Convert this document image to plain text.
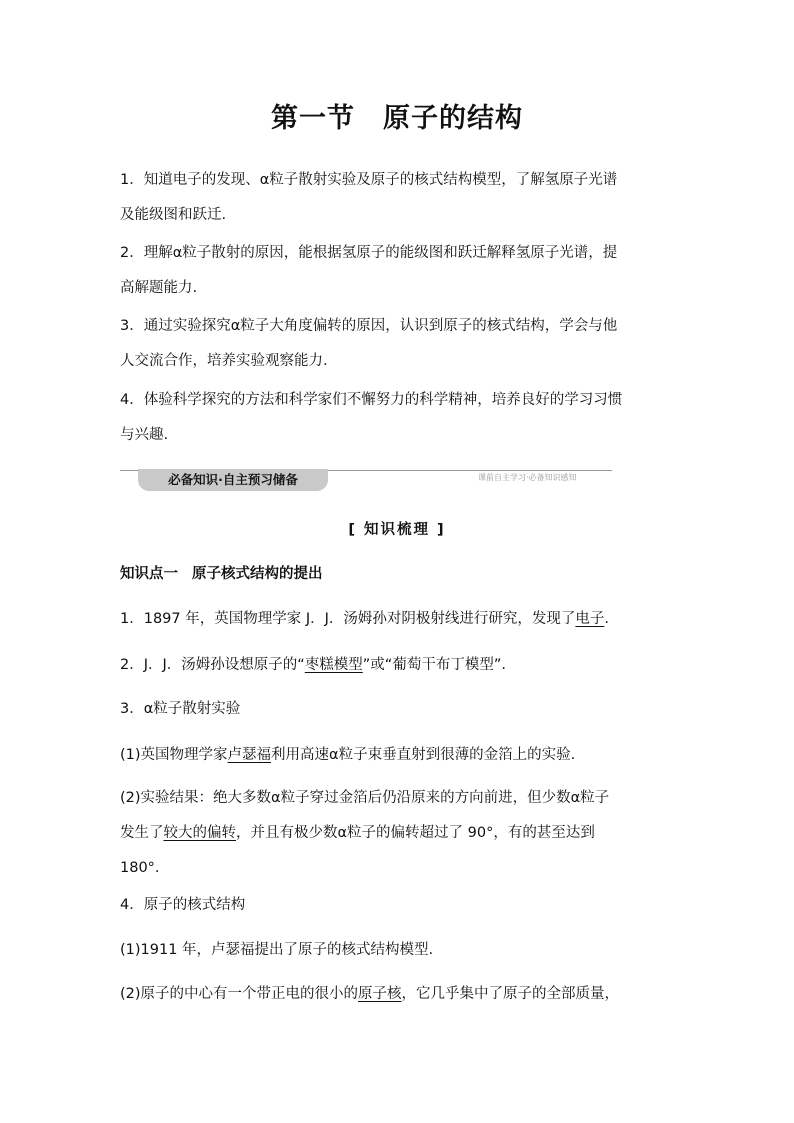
第一节 原子的结构

1．知道电子的发现、α粒子散射实验及原子的核式结构模型，了解氢原子光谱
及能级图和跃迁.

2．理解α粒子散射的原因，能根据氢原子的能级图和跃迁解释氢原子光谱，提
高解题能力.

3．通过实验探究α粒子大角度偏转的原因，认识到原子的核式结构，学会与他
人交流合作，培养实验观察能力.

4．体验科学探究的方法和科学家们不懈努力的科学精神，培养良好的学习习惯
与兴趣.

必备知识·自主预习储备	课前自主学习·必备知识感知
[ 知识梳理 ]

知识点一 原子核式结构的提出

1．1897 年，英国物理学家 J．J．汤姆孙对阴极射线进行研究，发现了电子.

2．J．J．汤姆孙设想原子的“枣糕模型”或“葡萄干布丁模型”.

3．α粒子散射实验

(1)英国物理学家卢瑟福利用高速α粒子束垂直射到很薄的金箔上的实验.

(2)实验结果：绝大多数α粒子穿过金箔后仍沿原来的方向前进，但少数α粒子
发生了较大的偏转，并且有极少数α粒子的偏转超过了 90°，有的甚至达到
180°.

4．原子的核式结构

(1)1911 年，卢瑟福提出了原子的核式结构模型.

(2)原子的中心有一个带正电的很小的原子核，它几乎集中了原子的全部质量，
